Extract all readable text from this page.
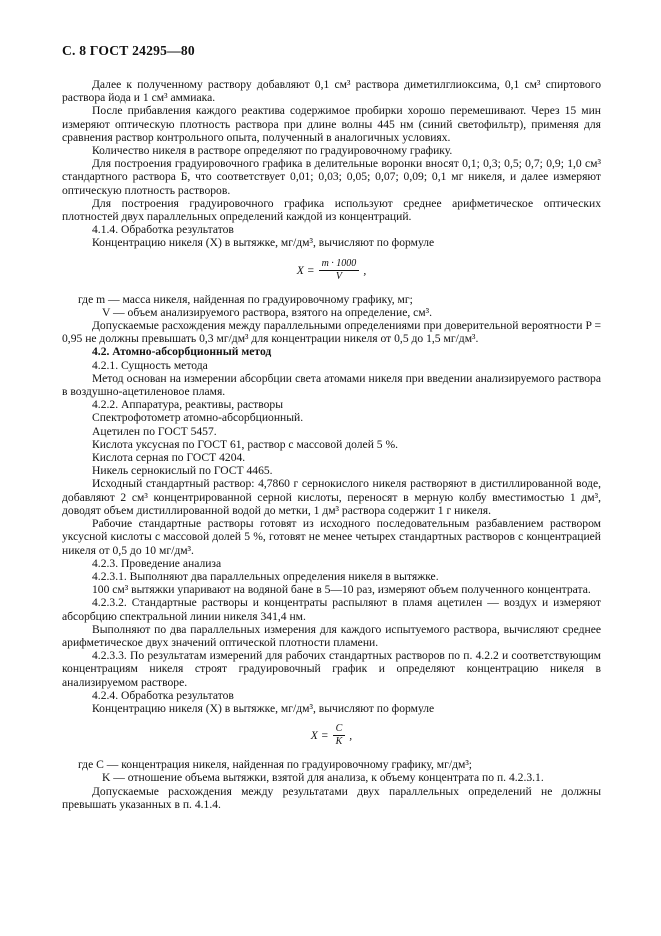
С. 8 ГОСТ 24295—80

Далее к полученному раствору добавляют 0,1 см³ раствора диметилглиоксима, 0,1 см³ спиртового раствора йода и 1 см³ аммиака.

После прибавления каждого реактива содержимое пробирки хорошо перемешивают. Через 15 мин измеряют оптическую плотность раствора при длине волны 445 нм (синий светофильтр), применяя для сравнения раствор контрольного опыта, полученный в аналогичных условиях.

Количество никеля в растворе определяют по градуировочному графику.

Для построения градуировочного графика в делительные воронки вносят 0,1; 0,3; 0,5; 0,7; 0,9; 1,0 см³ стандартного раствора Б, что соответствует 0,01; 0,03; 0,05; 0,07; 0,09; 0,1 мг никеля, и далее измеряют оптическую плотность растворов.

Для построения градуировочного графика используют среднее арифметическое оптических плотностей двух параллельных определений каждой из концентраций.

4.1.4. Обработка результатов

Концентрацию никеля (X) в вытяжке, мг/дм³, вычисляют по формуле

$X = \frac{m \cdot 1000}{V}$ ,

где m — масса никеля, найденная по градуировочному графику, мг;

V — объем анализируемого раствора, взятого на определение, см³.

Допускаемые расхождения между параллельными определениями при доверительной вероятности P = 0,95 не должны превышать 0,3 мг/дм³ для концентрации никеля от 0,5 до 1,5 мг/дм³.

4.2. Атомно-абсорбционный метод

4.2.1. Сущность метода

Метод основан на измерении абсорбции света атомами никеля при введении анализируемого раствора в воздушно-ацетиленовое пламя.

4.2.2. Аппаратура, реактивы, растворы

Спектрофотометр атомно-абсорбционный.

Ацетилен по ГОСТ 5457.

Кислота уксусная по ГОСТ 61, раствор с массовой долей 5 %.

Кислота серная по ГОСТ 4204.

Никель сернокислый по ГОСТ 4465.

Исходный стандартный раствор: 4,7860 г сернокислого никеля растворяют в дистиллированной воде, добавляют 2 см³ концентрированной серной кислоты, переносят в мерную колбу вместимостью 1 дм³, доводят объем дистиллированной водой до метки, 1 дм³ раствора содержит 1 г никеля.

Рабочие стандартные растворы готовят из исходного последовательным разбавлением раствором уксусной кислоты с массовой долей 5 %, готовят не менее четырех стандартных растворов с концентрацией никеля от 0,5 до 10 мг/дм³.

4.2.3. Проведение анализа

4.2.3.1. Выполняют два параллельных определения никеля в вытяжке.

100 см³ вытяжки упаривают на водяной бане в 5—10 раз, измеряют объем полученного концентрата.

4.2.3.2. Стандартные растворы и концентраты распыляют в пламя ацетилен — воздух и измеряют абсорбцию спектральной линии никеля 341,4 нм.

Выполняют по два параллельных измерения для каждого испытуемого раствора, вычисляют среднее арифметическое двух значений оптической плотности пламени.

4.2.3.3. По результатам измерений для рабочих стандартных растворов по п. 4.2.2 и соответствующим концентрациям никеля строят градуировочный график и определяют концентрацию никеля в анализируемом растворе.

4.2.4. Обработка результатов

Концентрацию никеля (X) в вытяжке, мг/дм³, вычисляют по формуле

$X = \frac{C}{K}$ ,

где C — концентрация никеля, найденная по градуировочному графику, мг/дм³;

K — отношение объема вытяжки, взятой для анализа, к объему концентрата по п. 4.2.3.1.

Допускаемые расхождения между результатами двух параллельных определений не должны превышать указанных в п. 4.1.4.
